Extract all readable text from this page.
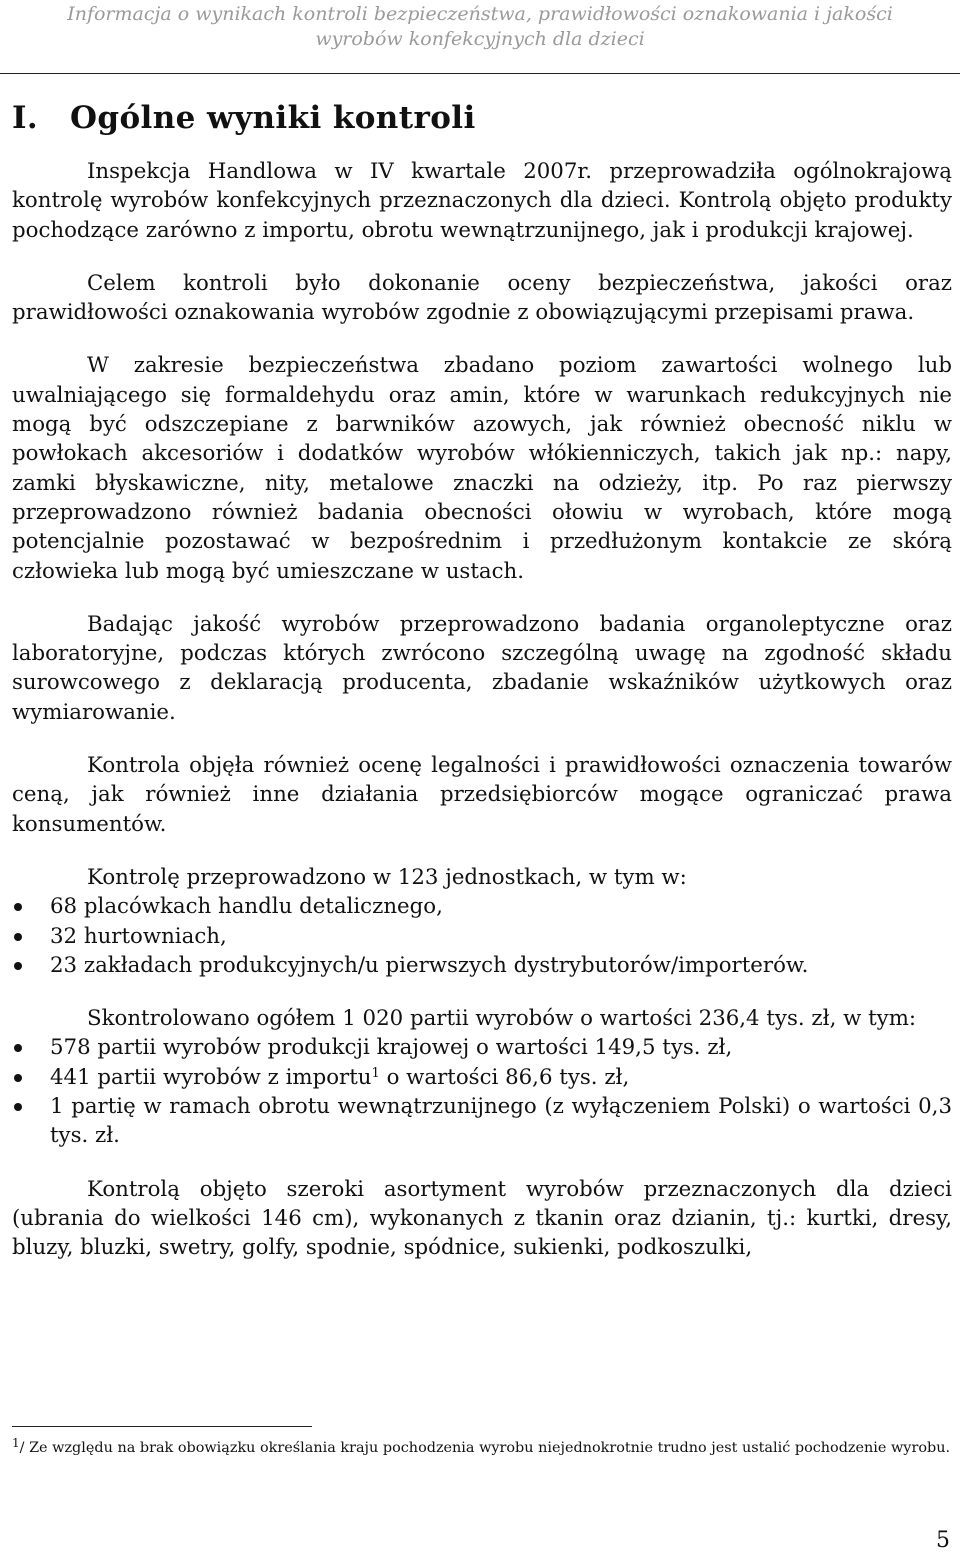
Informacja o wynikach kontroli bezpieczeństwa, prawidłowości oznakowania i jakości
wyrobów konfekcyjnych dla dzieci
I. Ogólne wyniki kontroli

Inspekcja Handlowa w IV kwartale 2007r. przeprowadziła ogólnokrajową kontrolę wyrobów konfekcyjnych przeznaczonych dla dzieci. Kontrolą objęto produkty pochodzące zarówno z importu, obrotu wewnątrzunijnego, jak i produkcji krajowej.

Celem kontroli było dokonanie oceny bezpieczeństwa, jakości oraz prawidłowości oznakowania wyrobów zgodnie z obowiązującymi przepisami prawa.

W zakresie bezpieczeństwa zbadano poziom zawartości wolnego lub uwalniającego się formaldehydu oraz amin, które w warunkach redukcyjnych nie mogą być odszczepiane z barwników azowych, jak również obecność niklu w powłokach akcesoriów i dodatków wyrobów włókienniczych, takich jak np.: napy, zamki błyskawiczne, nity, metalowe znaczki na odzieży, itp. Po raz pierwszy przeprowadzono również badania obecności ołowiu w wyrobach, które mogą potencjalnie pozostawać w bezpośrednim i przedłużonym kontakcie ze skórą człowieka lub mogą być umieszczane w ustach.

Badając jakość wyrobów przeprowadzono badania organoleptyczne oraz laboratoryjne, podczas których zwrócono szczególną uwagę na zgodność składu surowcowego z deklaracją producenta, zbadanie wskaźników użytkowych oraz wymiarowanie.

Kontrola objęła również ocenę legalności i prawidłowości oznaczenia towarów ceną, jak również inne działania przedsiębiorców mogące ograniczać prawa konsumentów.

Kontrolę przeprowadzono w 123 jednostkach, w tym w:

68 placówkach handlu detalicznego,
32 hurtowniach,
23 zakładach produkcyjnych/u pierwszych dystrybutorów/importerów.

Skontrolowano ogółem 1 020 partii wyrobów o wartości 236,4 tys. zł, w tym:

578 partii wyrobów produkcji krajowej o wartości 149,5 tys. zł,
441 partii wyrobów z importu$^1$ o wartości 86,6 tys. zł,
1 partię w ramach obrotu wewnątrzunijnego (z wyłączeniem Polski) o wartości 0,3 tys. zł.

Kontrolą objęto szeroki asortyment wyrobów przeznaczonych dla dzieci (ubrania do wielkości 146 cm), wykonanych z tkanin oraz dzianin, tj.: kurtki, dresy, bluzy, bluzki, swetry, golfy, spodnie, spódnice, sukienki, podkoszulki,

$^1$/ Ze względu na brak obowiązku określania kraju pochodzenia wyrobu niejednokrotnie trudno jest ustalić pochodzenie wyrobu.
5
